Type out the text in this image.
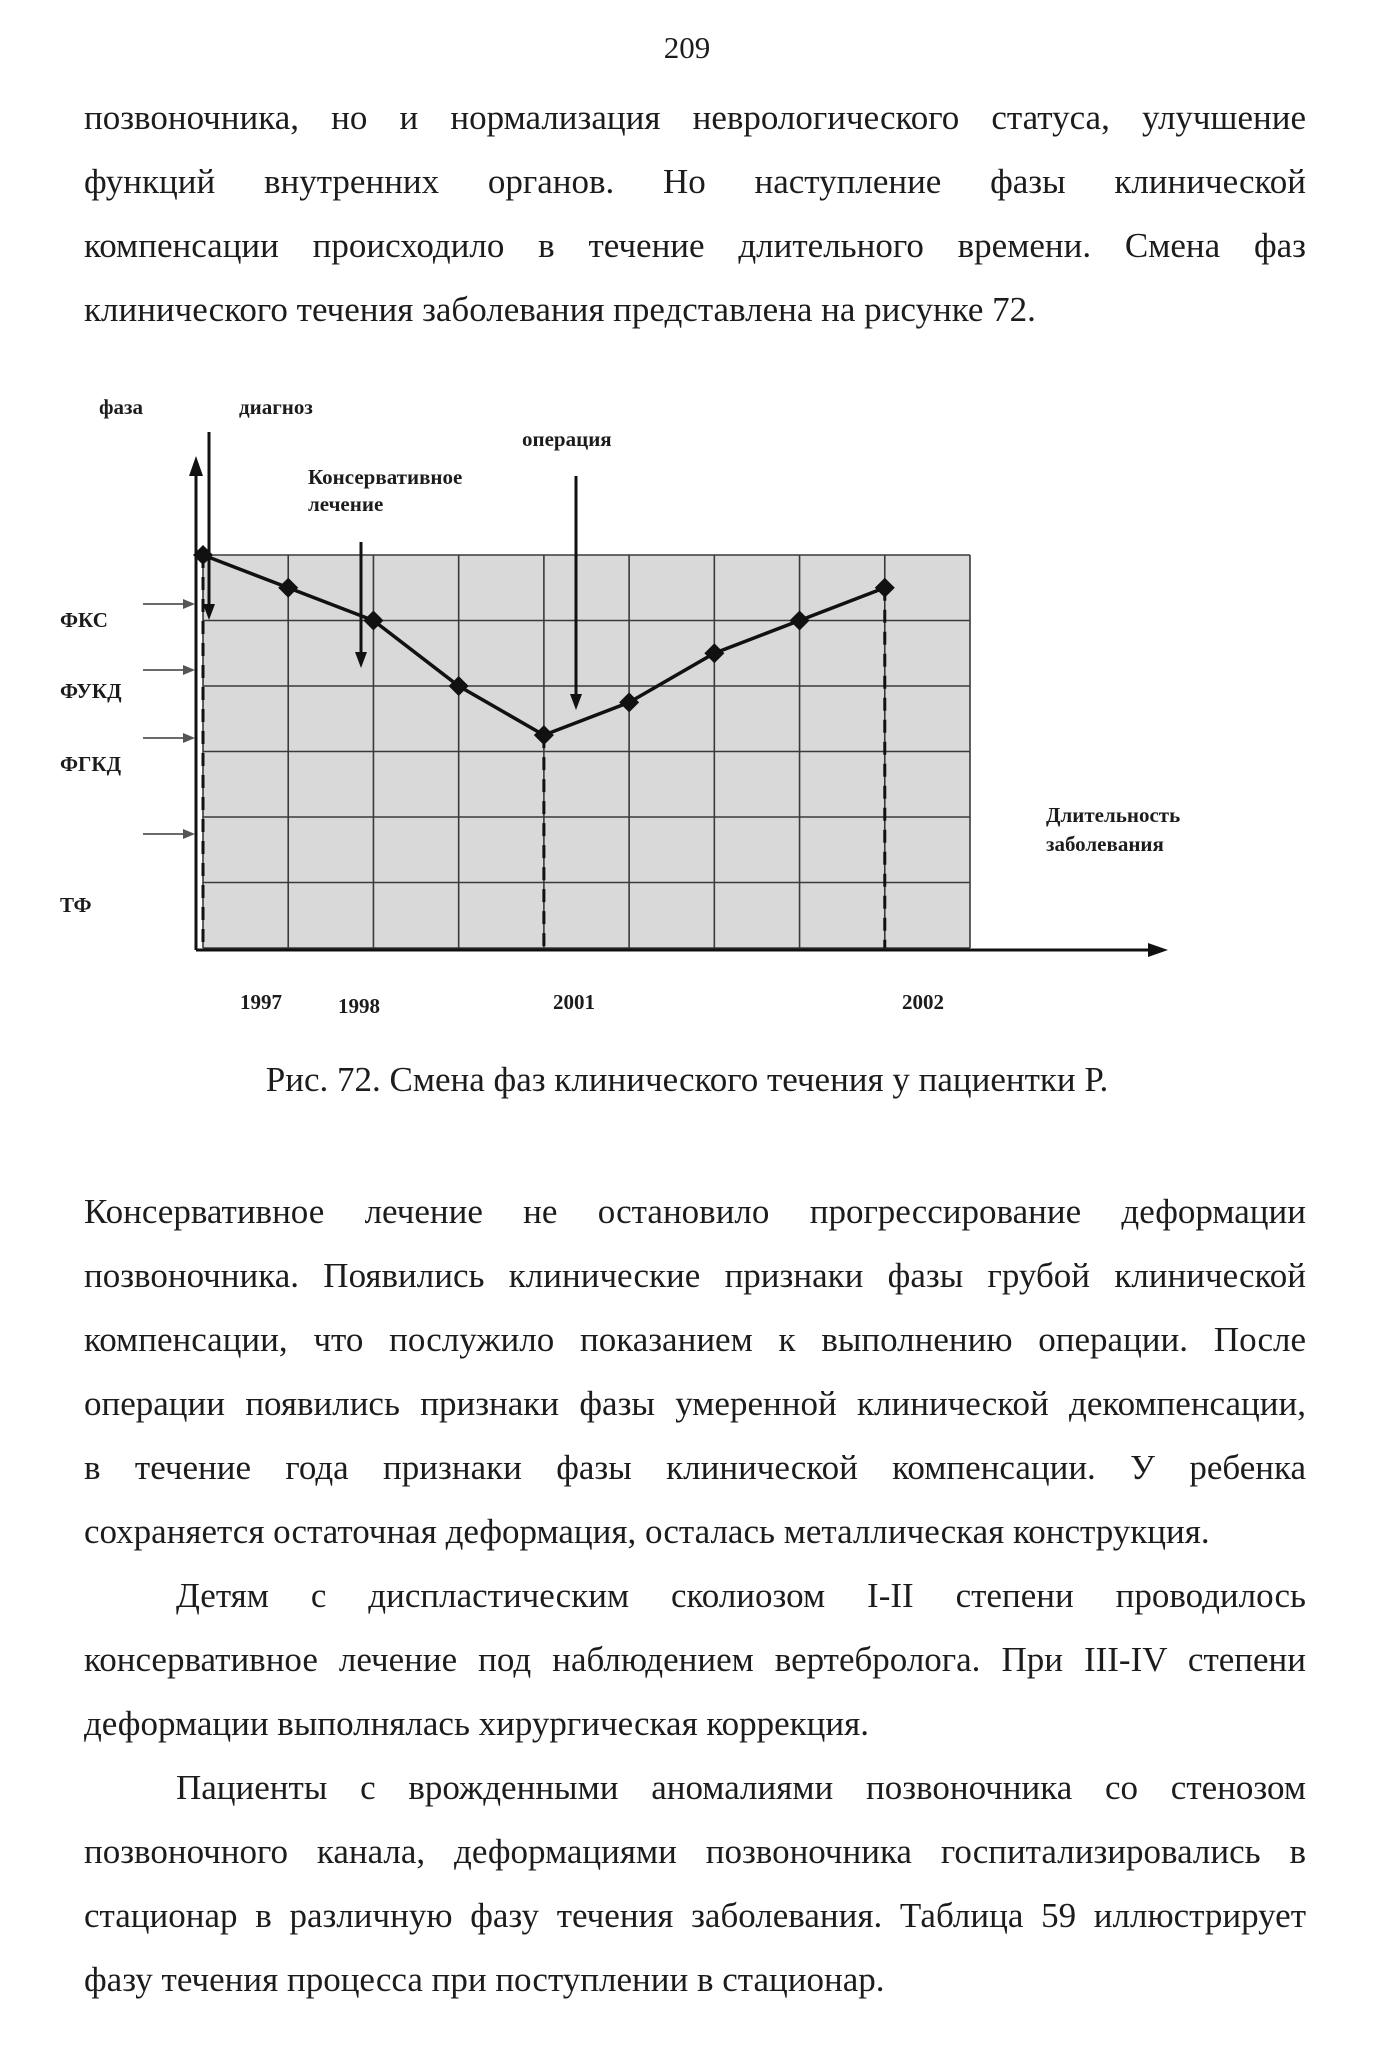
209
позвоночника, но и нормализация неврологического статуса, улучшение
функций внутренних органов. Но наступление фазы клинической
компенсации происходило в течение длительного времени. Смена фаз
клинического течения заболевания представлена на рисунке 72.
фаза	диагноз
операция
Консервативное
лечение
ФКС
ФУКД
ФГКД
ТФ
1997	1998	2001	2002
Длительность
заболевания
Рис. 72. Смена фаз клинического течения у пациентки Р.
Консервативное лечение не остановило прогрессирование деформации
позвоночника. Появились клинические признаки фазы грубой клинической
компенсации, что послужило показанием к выполнению операции. После
операции появились признаки фазы умеренной клинической декомпенсации,
в течение года признаки фазы клинической компенсации. У ребенка
сохраняется остаточная деформация, осталась металлическая конструкция.
Детям с диспластическим сколиозом I-II степени проводилось
консервативное лечение под наблюдением вертебролога. При III-IV степени
деформации выполнялась хирургическая коррекция.
Пациенты с врожденными аномалиями позвоночника со стенозом
позвоночного канала, деформациями позвоночника госпитализировались в
стационар в различную фазу течения заболевания. Таблица 59 иллюстрирует
фазу течения процесса при поступлении в стационар.
